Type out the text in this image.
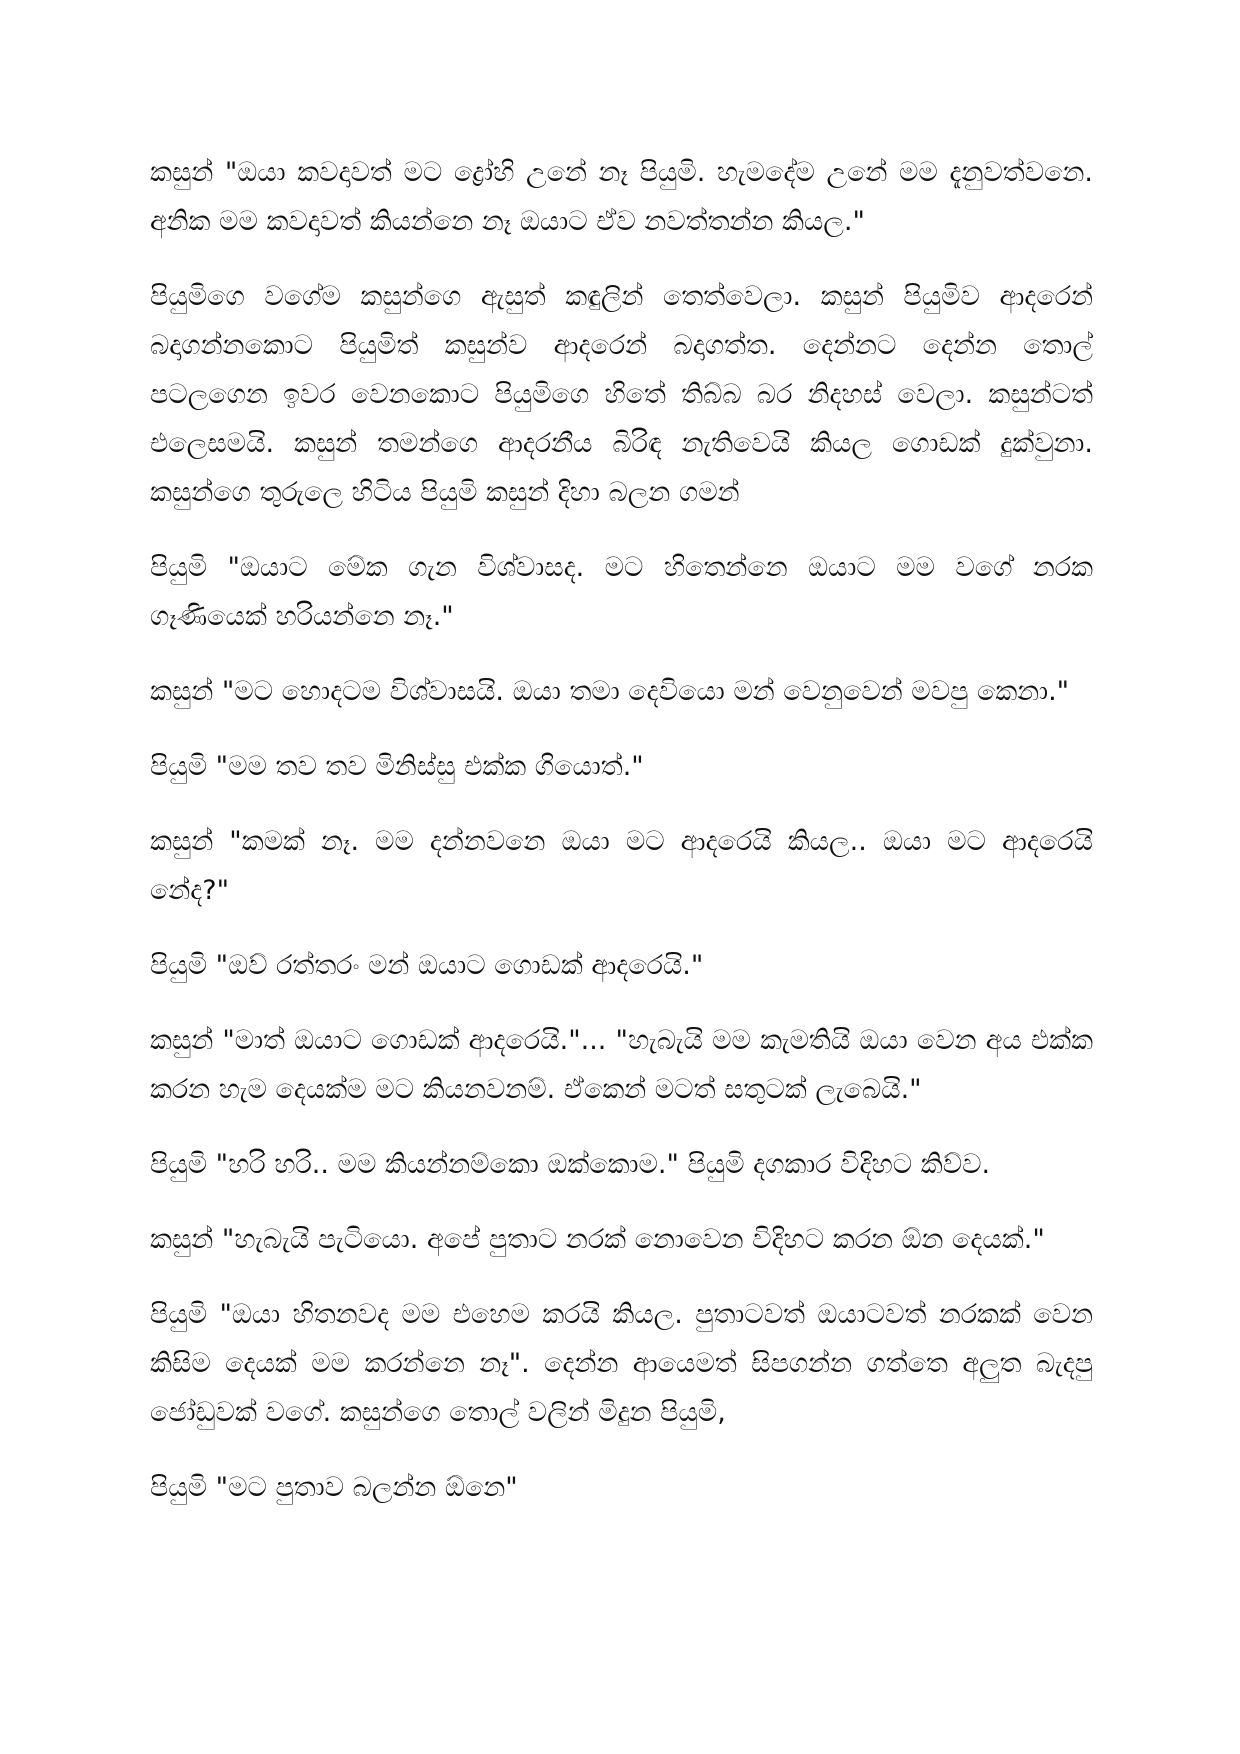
කසුන් "ඔයා කවදාවත් මට ද්‍රෝහි උනේ නෑ පියුමි. හැමදේම උනේ මම දැනුවත්වනෙ. අනික මම කවදාවත් කියන්නෙ නෑ ඔයාට ඒව නවත්තන්න කියල."

පියුමිගෙ වගේම කසුන්ගෙ ඇසුත් කඳුලින් තෙත්වෙලා. කසුන් පියුමිව ආදරෙන් බදාගන්නකොට පියුමිත් කසුන්ව ආදරෙන් බදාගත්ත. දෙන්නට දෙන්න තොල් පටලගෙන ඉවර වෙනකොට පියුමිගෙ හිතේ තිබ්බ බර නිදහස් වෙලා. කසුන්ටත් එලෙසමයි. කසුන් තමන්ගෙ ආදරනීය බිරිඳ නැතිවෙයි කියල ගොඩක් දුක්වුනා. කසුන්ගෙ තුරුලෙ හිටිය පියුමි කසුන් දිහා බලන ගමන්

පියුමි "ඔයාට මේක ගැන විශ්වාසද. මට හිතෙන්නෙ ඔයාට මම වගේ නරක ගෑණියෙක් හරියන්නෙ නෑ."

කසුන් "මට හොදටම විශ්වාසයි. ඔයා තමා දෙවියො මන් වෙනුවෙන් මවපු කෙනා."

පියුමි "මම තව තව මිනිස්සු එක්ක ගියොත්."

කසුන් "කමක් නෑ. මම දන්නවනෙ ඔයා මට ආදරෙයි කියල.. ඔයා මට ආදරෙයි නේද?"

පියුමි "ඔව් රත්තරං මන් ඔයාට ගොඩක් ආදරෙයි."

කසුන් "මාත් ඔයාට ගොඩක් ආදරෙයි."... "හැබැයි මම කැමතියි ඔයා වෙන අය එක්ක කරන හැම දෙයක්ම මට කියනවනම්. ඒකෙන් මටත් සතුටක් ලැබෙයි."

පියුමි "හරි හරි.. මම කියන්නම්කො ඔක්කොම." පියුමි දගකාර විදිහට කිව්ව.

කසුන් "හැබැයි පැටියො. අපේ පුතාට නරක් නොවෙන විදිහට කරන ඕන දෙයක්."

පියුමි "ඔයා හිතනවද මම එහෙම කරයි කියල. පුතාටවත් ඔයාටවත් නරකක් වෙන කිසිම දෙයක් මම කරන්නෙ නෑ". දෙන්න ආයෙමත් සිපගන්න ගත්තෙ අලුත බැදපු ජෝඩුවක් වගේ. කසුන්ගෙ තොල් වලින් මිදුන පියුමි,

පියුමි "මට පුතාව බලන්න ඕනෙ"
